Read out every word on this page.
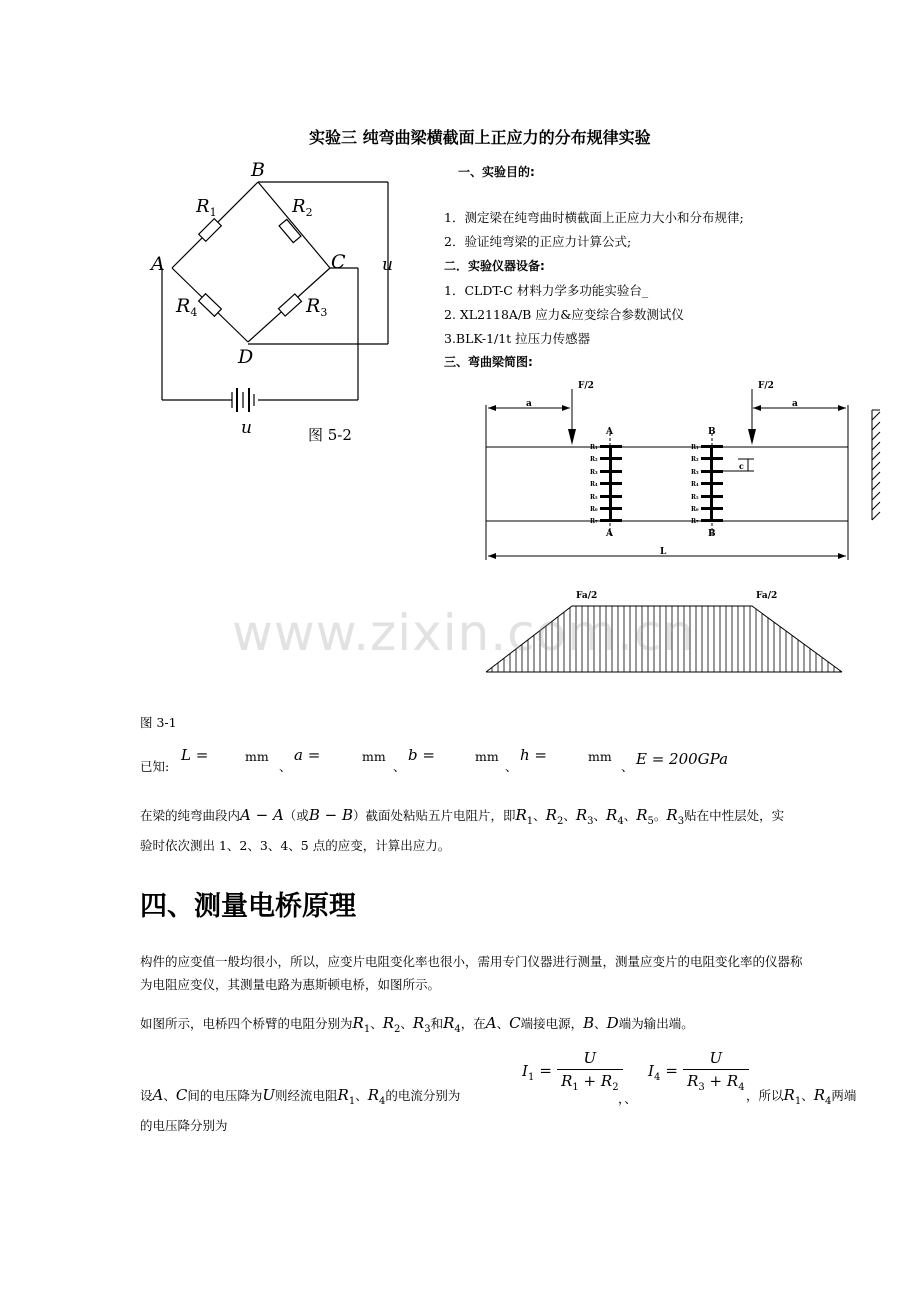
实验三 纯弯曲梁横截面上正应力的分布规律实验
B
A	C
D
u
u
$R_1$	$R_2$
$R_4$	$R_3$
图 5-2
一、实验目的:
1．测定梁在纯弯曲时横截面上正应力大小和分布规律;
2．验证纯弯梁的正应力计算公式;
二．实验仪器设备:
1．CLDT-C 材料力学多功能实验台_
2. XL2118A/B 应力&应变综合参数测试仪
3.BLK-1/1t 拉压力传感器
三、弯曲梁简图:
F/2	F/2
a	a
A
A
B
B
L
c
R₁
R₂
R₃
R₄
R₅
R₆
R₇
R₁
R₂
R₃
R₄
R₅
R₆
R₇
Fa/2	Fa/2
www.zixin.com.cn
图 3-1
已知:
L =	mm
、
a =	mm
、
b =	mm
、
h =	mm
、 E = 200GPa
在梁的纯弯曲段内A − A（或B − B）截面处粘贴五片电阻片，即$R_1$、$R_2$、$R_3$、$R_4$、$R_5$。$R_3$贴在中性层处，实
验时依次测出 1、2、3、4、5 点的应变，计算出应力。
四、测量电桥原理
构件的应变值一般均很小，所以，应变片电阻变化率也很小，需用专门仪器进行测量，测量应变片的电阻变化率的仪器称
为电阻应变仪，其测量电路为惠斯顿电桥，如图所示。
如图所示，电桥四个桥臂的电阻分别为$R_1$、$R_2$、$R_3$和$R_4$，在A、C端接电源，B、D端为输出端。
设A、C间的电压降为U则经流电阻$R_1$、$R_4$的电流分别为
$I_1 = \frac{U}{R_1 + R_2}$
，、
$I_4 = \frac{U}{R_3 + R_4}$
，所以$R_1$、$R_4$两端
的电压降分别为
